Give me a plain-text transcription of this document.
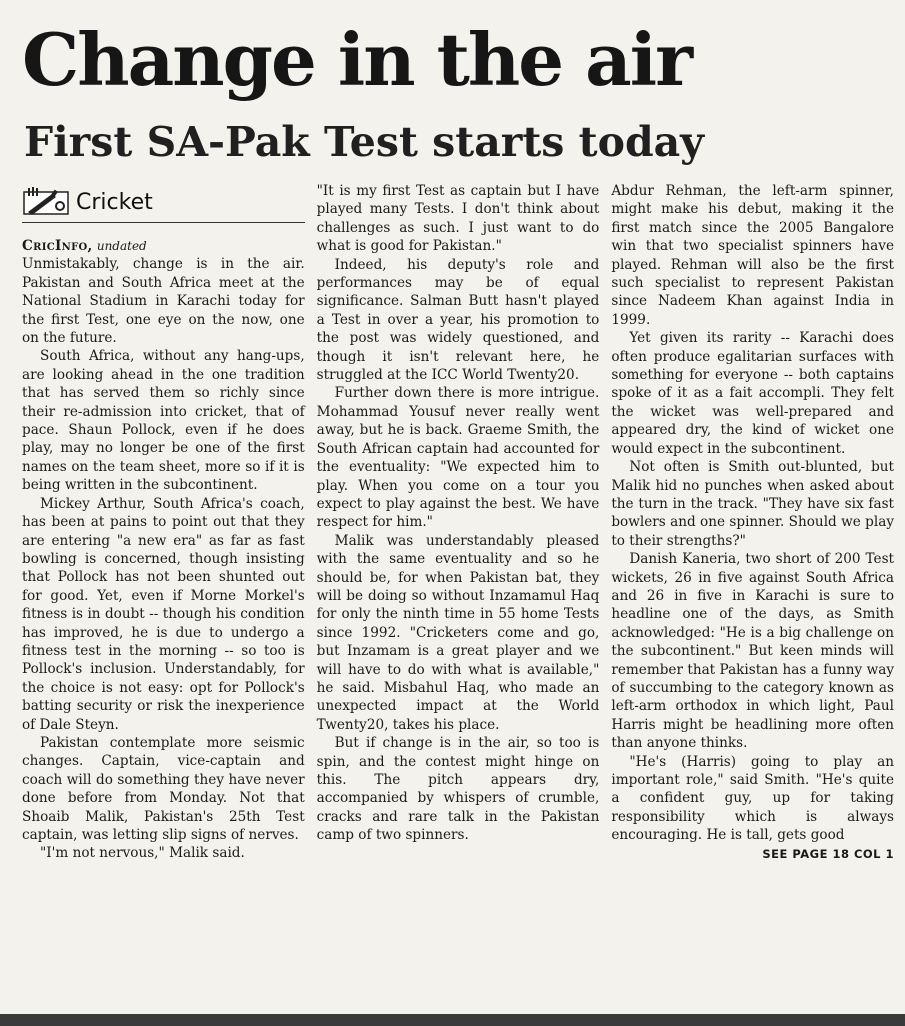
Change in the air
First SA-Pak Test starts today
Cricket

CricInfo, undated

Unmistakably, change is in the air. Pakistan and South Africa meet at the National Stadium in Karachi today for the first Test, one eye on the now, one on the future.

South Africa, without any hang-ups, are looking ahead in the one tradition that has served them so richly since their re-admission into cricket, that of pace. Shaun Pollock, even if he does play, may no longer be one of the first names on the team sheet, more so if it is being written in the subcontinent.

Mickey Arthur, South Africa's coach, has been at pains to point out that they are entering "a new era" as far as fast bowling is concerned, though insisting that Pollock has not been shunted out for good. Yet, even if Morne Morkel's fitness is in doubt -- though his condition has improved, he is due to undergo a fitness test in the morning -- so too is Pollock's inclusion. Understandably, for the choice is not easy: opt for Pollock's batting security or risk the inexperience of Dale Steyn.

Pakistan contemplate more seismic changes. Captain, vice-captain and coach will do something they have never done before from Monday. Not that Shoaib Malik, Pakistan's 25th Test captain, was letting slip signs of nerves.

"I'm not nervous," Malik said.

"It is my first Test as captain but I have played many Tests. I don't think about challenges as such. I just want to do what is good for Pakistan."

Indeed, his deputy's role and performances may be of equal significance. Salman Butt hasn't played a Test in over a year, his promotion to the post was widely questioned, and though it isn't relevant here, he struggled at the ICC World Twenty20.

Further down there is more intrigue. Mohammad Yousuf never really went away, but he is back. Graeme Smith, the South African captain had accounted for the eventuality: "We expected him to play. When you come on a tour you expect to play against the best. We have respect for him."

Malik was understandably pleased with the same eventuality and so he should be, for when Pakistan bat, they will be doing so without Inzamamul Haq for only the ninth time in 55 home Tests since 1992. "Cricketers come and go, but Inzamam is a great player and we will have to do with what is available," he said. Misbahul Haq, who made an unexpected impact at the World Twenty20, takes his place.

But if change is in the air, so too is spin, and the contest might hinge on this. The pitch appears dry, accompanied by whispers of crumble, cracks and rare talk in the Pakistan camp of two spinners.

Abdur Rehman, the left-arm spinner, might make his debut, making it the first match since the 2005 Bangalore win that two specialist spinners have played. Rehman will also be the first such specialist to represent Pakistan since Nadeem Khan against India in 1999.

Yet given its rarity -- Karachi does often produce egalitarian surfaces with something for everyone -- both captains spoke of it as a fait accompli. They felt the wicket was well-prepared and appeared dry, the kind of wicket one would expect in the subcontinent.

Not often is Smith out-blunted, but Malik hid no punches when asked about the turn in the track. "They have six fast bowlers and one spinner. Should we play to their strengths?"

Danish Kaneria, two short of 200 Test wickets, 26 in five against South Africa and 26 in five in Karachi is sure to headline one of the days, as Smith acknowledged: "He is a big challenge on the subcontinent." But keen minds will remember that Pakistan has a funny way of succumbing to the category known as left-arm orthodox in which light, Paul Harris might be headlining more often than anyone thinks.

"He's (Harris) going to play an important role," said Smith. "He's quite a confident guy, up for taking responsibility which is always encouraging. He is tall, gets good

SEE PAGE 18 COL 1
